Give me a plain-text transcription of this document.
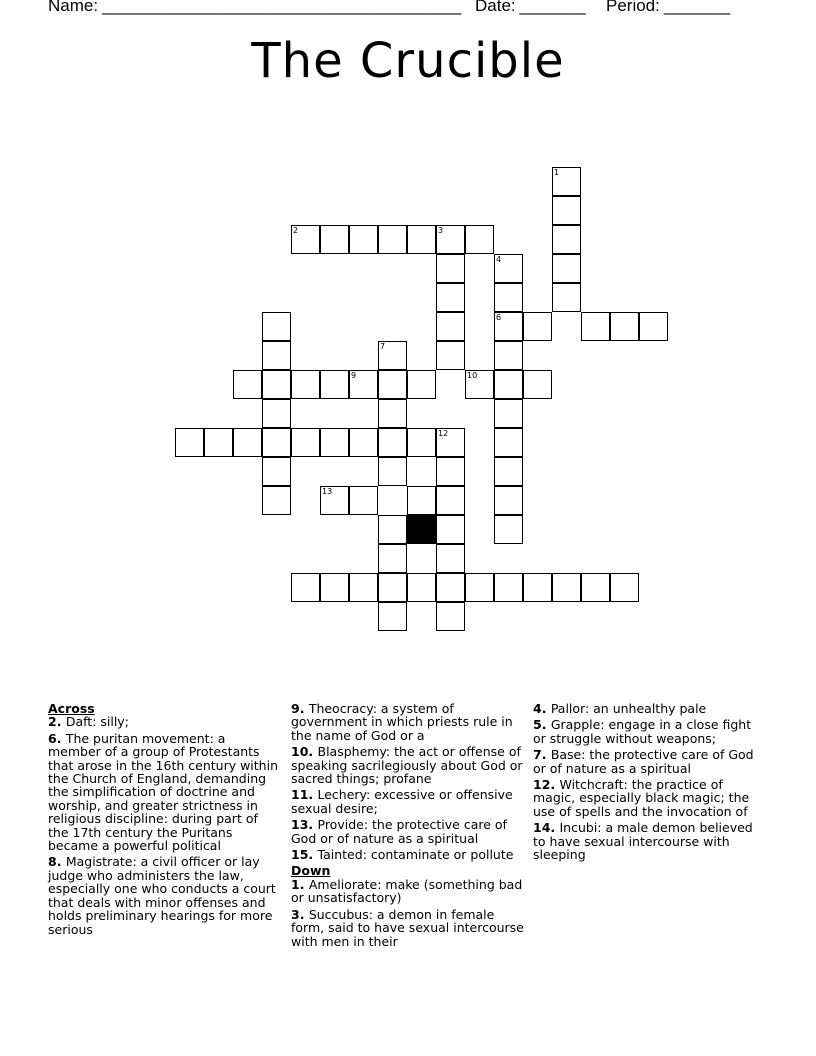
Name: ______________________________________ Date: _______ Period: _______
The Crucible
1
2	3
4
6
7
9	10
12
13
Across
2. Daft: silly;
6. The puritan movement: a member of a group of Protestants that arose in the 16th century within the Church of England, demanding the simplification of doctrine and worship, and greater strictness in religious discipline: during part of the 17th century the Puritans became a powerful political
8. Magistrate: a civil officer or lay judge who administers the law, especially one who conducts a court that deals with minor offenses and holds preliminary hearings for more serious
9. Theocracy: a system of government in which priests rule in the name of God or a
10. Blasphemy: the act or offense of speaking sacrilegiously about God or sacred things; profane
11. Lechery: excessive or offensive sexual desire;
13. Provide: the protective care of God or of nature as a spiritual
15. Tainted: contaminate or pollute
Down
1. Ameliorate: make (something bad or unsatisfactory)
3. Succubus: a demon in female form, said to have sexual intercourse with men in their
4. Pallor: an unhealthy pale
5. Grapple: engage in a close fight or struggle without weapons;
7. Base: the protective care of God or of nature as a spiritual
12. Witchcraft: the practice of magic, especially black magic; the use of spells and the invocation of
14. Incubi: a male demon believed to have sexual intercourse with sleeping
